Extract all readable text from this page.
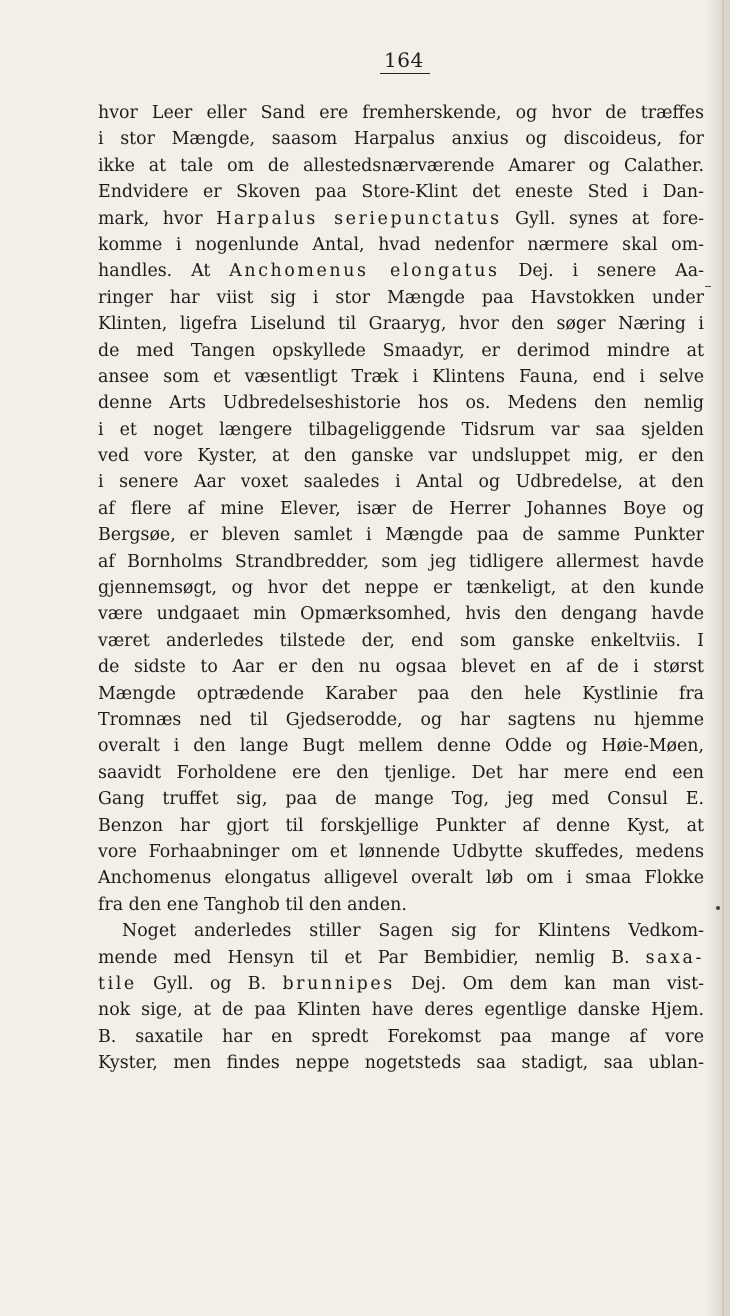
164
hvor Leer eller Sand ere fremherskende, og hvor de træffes
i stor Mængde, saasom Harpalus anxius og discoideus, for
ikke at tale om de allestedsnærværende Amarer og Calather.
Endvidere er Skoven paa Store-Klint det eneste Sted i Dan-
mark, hvor Harpalus seriepunctatus Gyll. synes at fore-
komme i nogenlunde Antal, hvad nedenfor nærmere skal om-
handles. At Anchomenus elongatus Dej. i senere Aa-
ringer har viist sig i stor Mængde paa Havstokken under
Klinten, ligefra Liselund til Graaryg, hvor den søger Næring i
de med Tangen opskyllede Smaadyr, er derimod mindre at
ansee som et væsentligt Træk i Klintens Fauna, end i selve
denne Arts Udbredelseshistorie hos os. Medens den nemlig
i et noget længere tilbageliggende Tidsrum var saa sjelden
ved vore Kyster, at den ganske var undsluppet mig, er den
i senere Aar voxet saaledes i Antal og Udbredelse, at den
af flere af mine Elever, især de Herrer Johannes Boye og
Bergsøe, er bleven samlet i Mængde paa de samme Punkter
af Bornholms Strandbredder, som jeg tidligere allermest havde
gjennemsøgt, og hvor det neppe er tænkeligt, at den kunde
være undgaaet min Opmærksomhed, hvis den dengang havde
været anderledes tilstede der, end som ganske enkeltviis. I
de sidste to Aar er den nu ogsaa blevet en af de i størst
Mængde optrædende Karaber paa den hele Kystlinie fra
Tromnæs ned til Gjedserodde, og har sagtens nu hjemme
overalt i den lange Bugt mellem denne Odde og Høie-Møen,
saavidt Forholdene ere den tjenlige. Det har mere end een
Gang truffet sig, paa de mange Tog, jeg med Consul E.
Benzon har gjort til forskjellige Punkter af denne Kyst, at
vore Forhaabninger om et lønnende Udbytte skuffedes, medens
Anchomenus elongatus alligevel overalt løb om i smaa Flokke
fra den ene Tanghob til den anden.
Noget anderledes stiller Sagen sig for Klintens Vedkom-
mende med Hensyn til et Par Bembidier, nemlig B. saxa-
tile Gyll. og B. brunnipes Dej. Om dem kan man vist-
nok sige, at de paa Klinten have deres egentlige danske Hjem.
B. saxatile har en spredt Forekomst paa mange af vore
Kyster, men findes neppe nogetsteds saa stadigt, saa ublan-
